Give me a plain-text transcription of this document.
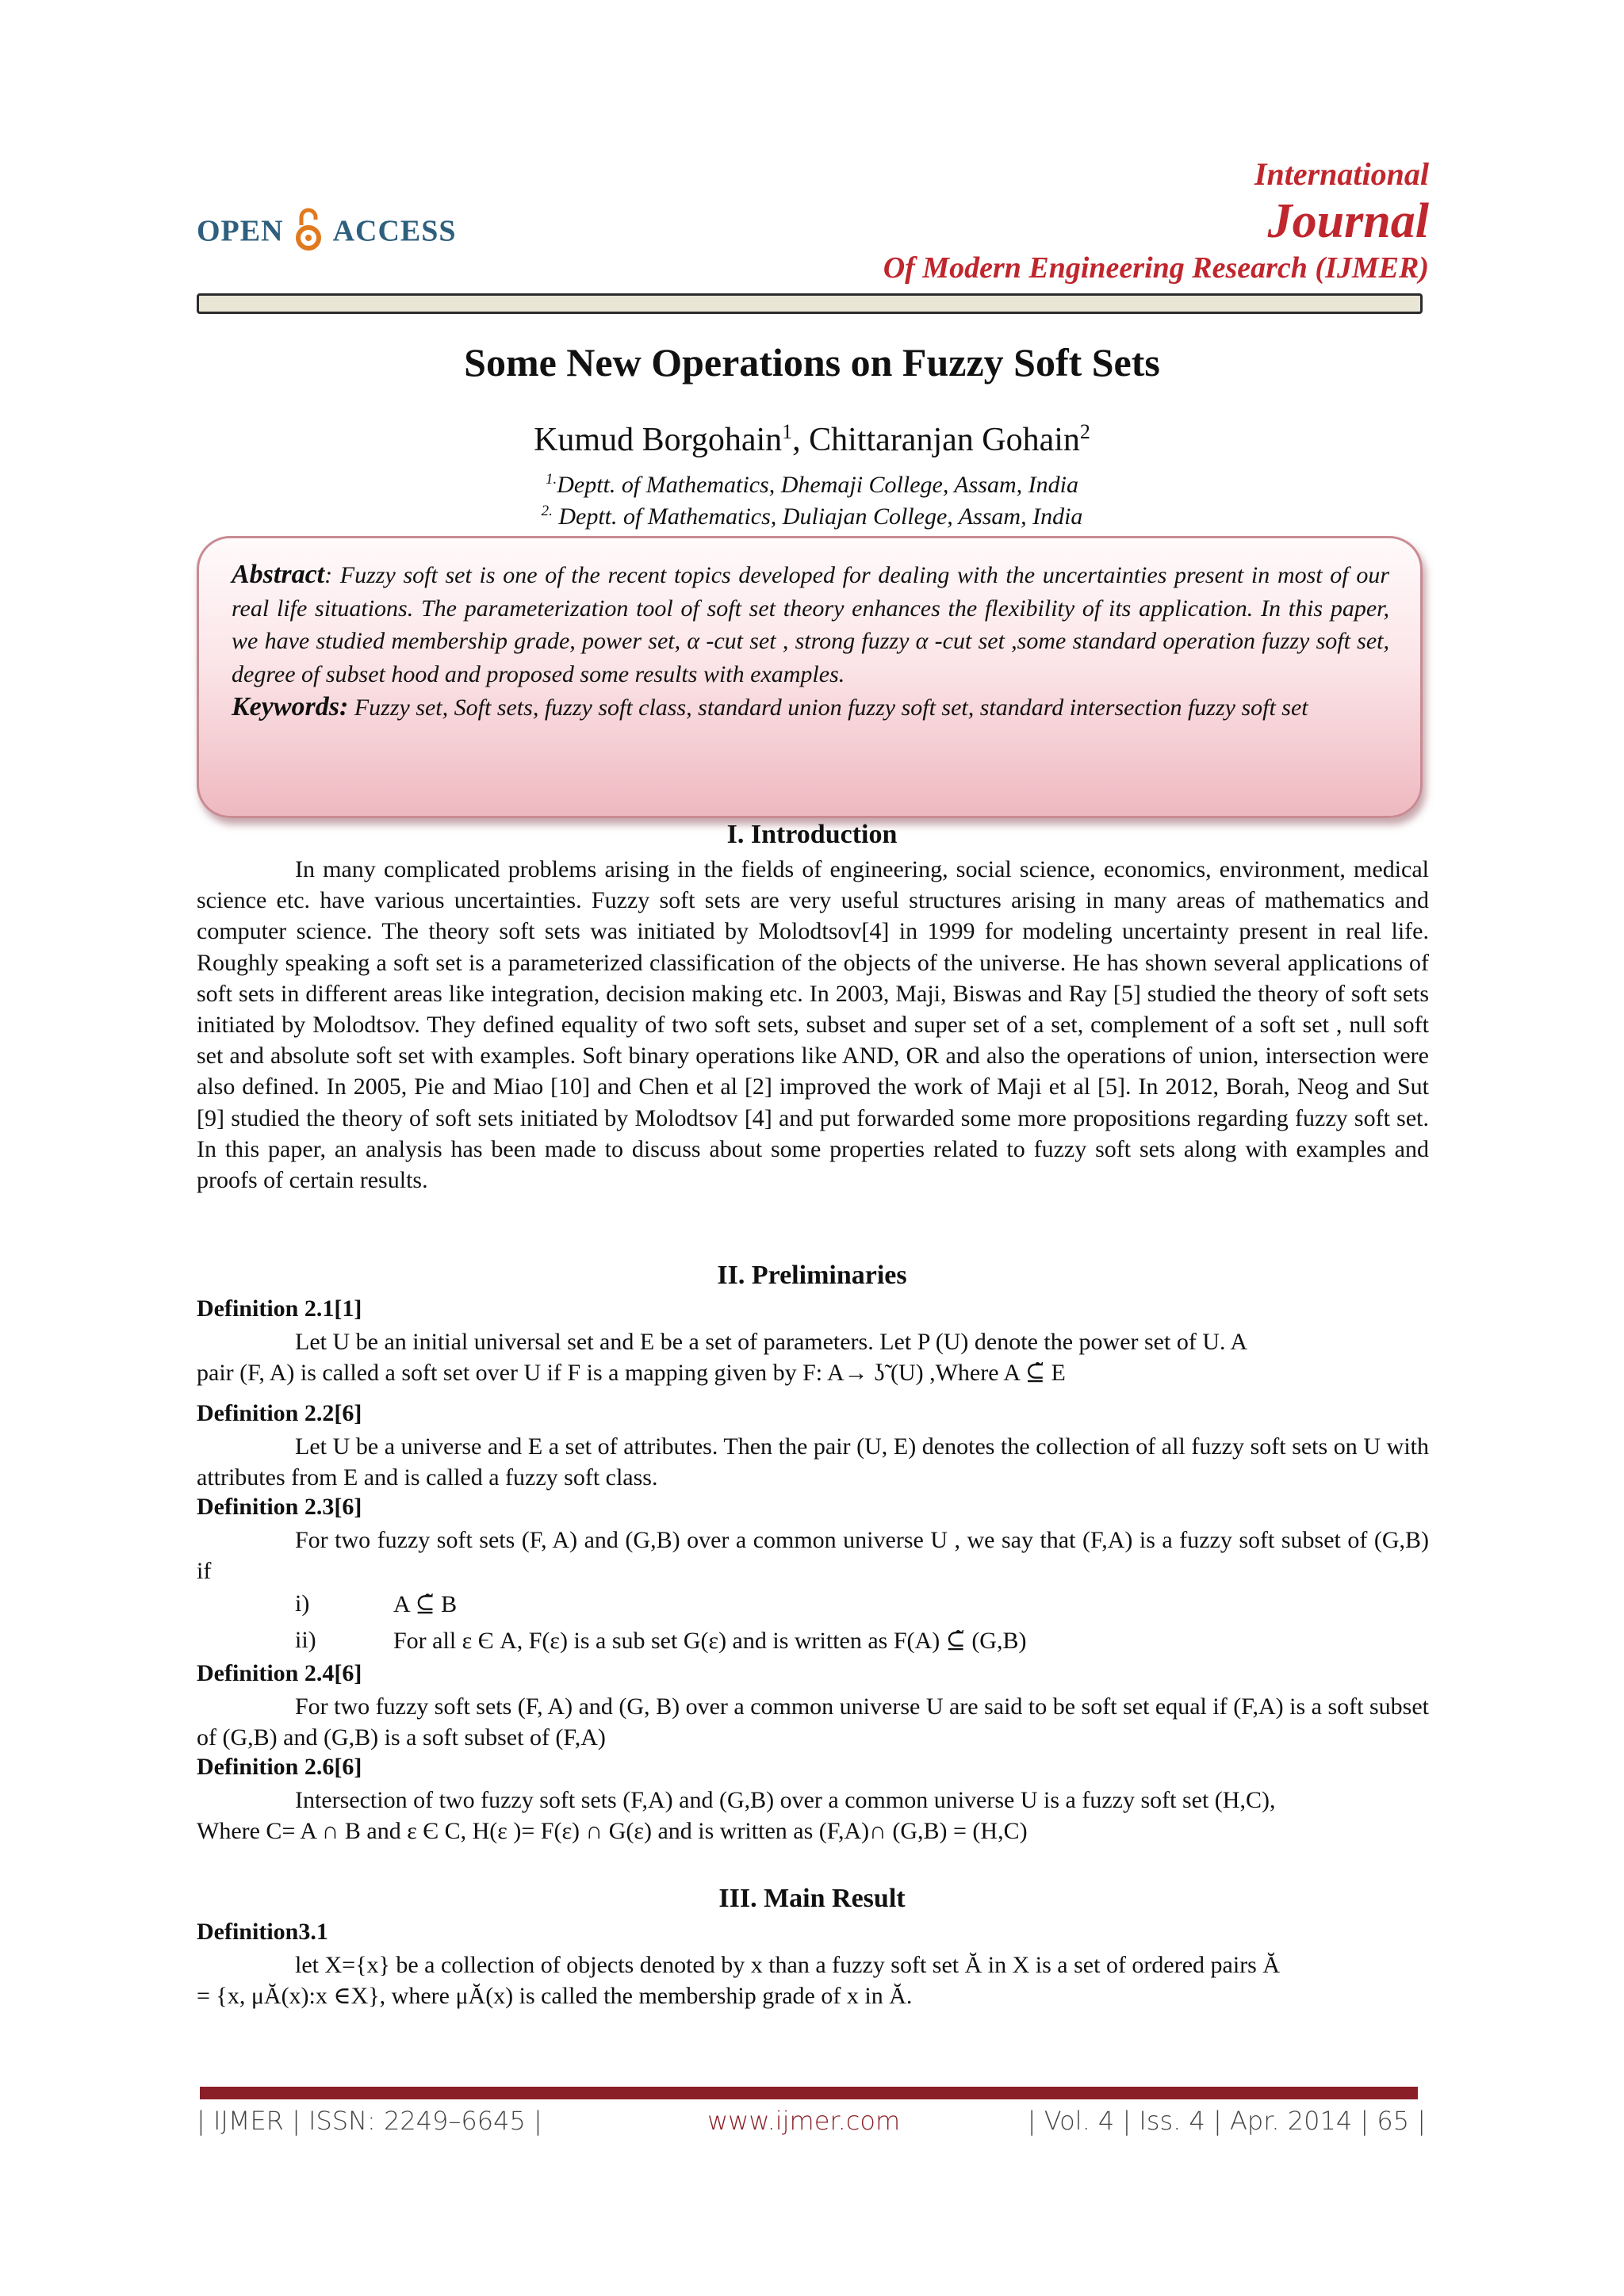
OPEN ACCESS
International
Journal
Of Modern Engineering Research (IJMER)
Some New Operations on Fuzzy Soft Sets
Kumud Borgohain$^1$, Chittaranjan Gohain$^2$
$^{1.}$Deptt. of Mathematics, Dhemaji College, Assam, India
$^{2.}$ Deptt. of Mathematics, Duliajan College, Assam, India
Abstract: Fuzzy soft set is one of the recent topics developed for dealing with the uncertainties present in most of our real life situations. The parameterization tool of soft set theory enhances the flexibility of its application. In this paper, we have studied membership grade, power set, α -cut set , strong fuzzy α -cut set ,some standard operation fuzzy soft set, degree of subset hood and proposed some results with examples.
Keywords: Fuzzy set, Soft sets, fuzzy soft class, standard union fuzzy soft set, standard intersection fuzzy soft set
I. Introduction

In many complicated problems arising in the fields of engineering, social science, economics, environment, medical science etc. have various uncertainties. Fuzzy soft sets are very useful structures arising in many areas of mathematics and computer science. The theory soft sets was initiated by Molodtsov[4] in 1999 for modeling uncertainty present in real life. Roughly speaking a soft set is a parameterized classification of the objects of the universe. He has shown several applications of soft sets in different areas like integration, decision making etc. In 2003, Maji, Biswas and Ray [5] studied the theory of soft sets initiated by Molodtsov. They defined equality of two soft sets, subset and super set of a set, complement of a soft set , null soft set and absolute soft set with examples. Soft binary operations like AND, OR and also the operations of union, intersection were also defined. In 2005, Pie and Miao [10] and Chen et al [2] improved the work of Maji et al [5]. In 2012, Borah, Neog and Sut [9] studied the theory of soft sets initiated by Molodtsov [4] and put forwarded some more propositions regarding fuzzy soft set. In this paper, an analysis has been made to discuss about some properties related to fuzzy soft sets along with examples and proofs of certain results.

II. Preliminaries
Definition 2.1[1]

Let U be an initial universal set and E be a set of parameters. Let P (U) denote the power set of U. A

pair (F, A) is called a soft set over U if F is a mapping given by F: A→ ʖ̃ (U) ,Where A ⊆̃ E

Definition 2.2[6]

Let U be a universe and E a set of attributes. Then the pair (U, E) denotes the collection of all fuzzy soft sets on U with attributes from E and is called a fuzzy soft class.

Definition 2.3[6]

For two fuzzy soft sets (F, A) and (G,B) over a common universe U , we say that (F,A) is a fuzzy soft subset of (G,B) if

i)	A ⊆̃ B
ii)	For all ε Є A, F(ε) is a sub set G(ε) and is written as F(A) ⊆̃ (G,B)
Definition 2.4[6]

For two fuzzy soft sets (F, A) and (G, B) over a common universe U are said to be soft set equal if (F,A) is a soft subset of (G,B) and (G,B) is a soft subset of (F,A)

Definition 2.6[6]

Intersection of two fuzzy soft sets (F,A) and (G,B) over a common universe U is a fuzzy soft set (H,C),

Where C= A ∩ B and ε Є C, H(ε )= F(ε) ∩ G(ε) and is written as (F,A)∩ (G,B) = (H,C)

III. Main Result
Definition3.1

let X={x} be a collection of objects denoted by x than a fuzzy soft set Ă in X is a set of ordered pairs Ă

= {x, μĂ(x):x ∈X}, where μĂ(x) is called the membership grade of x in Ă.

| IJMER | ISSN: 2249–6645 |	www.ijmer.com	| Vol. 4 | Iss. 4 | Apr. 2014 | 65 |
